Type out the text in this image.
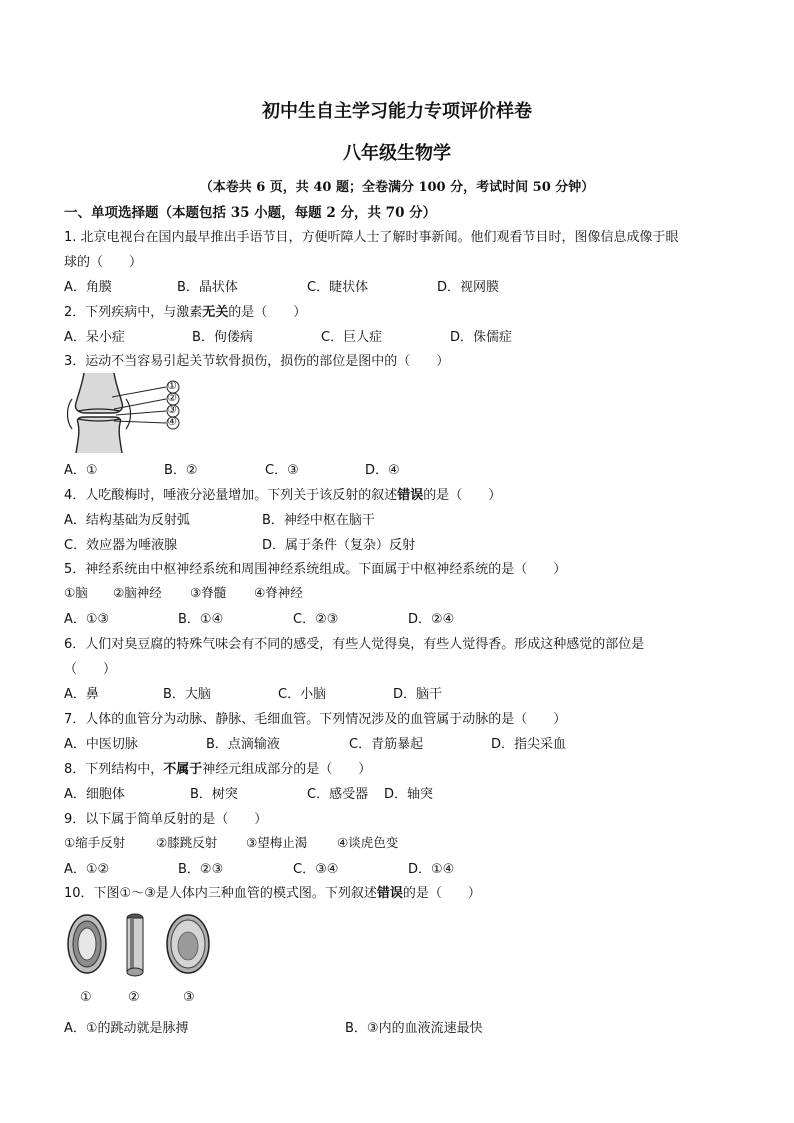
初中生自主学习能力专项评价样卷
八年级生物学
（本卷共 6 页，共 40 题；全卷满分 100 分，考试时间 50 分钟）
一、单项选择题（本题包括 35 小题，每题 2 分，共 70 分）
1. 北京电视台在国内最早推出手语节目，方便听障人士了解时事新闻。他们观看节目时，图像信息成像于眼
球的（　　）
A．角膜	B．晶状体	C．睫状体	D．视网膜
2．下列疾病中，与激素无关的是（　　）
A．呆小症	B．佝偻病	C．巨人症	D．侏儒症
3．运动不当容易引起关节软骨损伤，损伤的部位是图中的（　　）
①
②
③
④
A．①	B．②	C．③	D．④
4．人吃酸梅时，唾液分泌量增加。下列关于该反射的叙述错误的是（　　）
A．结构基础为反射弧	B．神经中枢在脑干
C．效应器为唾液腺	D．属于条件（复杂）反射
5．神经系统由中枢神经系统和周围神经系统组成。下面属于中枢神经系统的是（　　）
①脑 ②脑神经 ③脊髓 ④脊神经
A．①③	B．①④	C．②③	D．②④
6．人们对臭豆腐的特殊气味会有不同的感受，有些人觉得臭，有些人觉得香。形成这种感觉的部位是
（　　）
A．鼻	B．大脑	C．小脑	D．脑干
7．人体的血管分为动脉、静脉、毛细血管。下列情况涉及的血管属于动脉的是（　　）
A．中医切脉	B．点滴输液	C．青筋暴起	D．指尖采血
8．下列结构中，不属于神经元组成部分的是（　　）
A．细胞体	B．树突	C．感受器 D．轴突
9．以下属于简单反射的是（　　）
①缩手反射 ②膝跳反射 ③望梅止渴 ④谈虎色变
A．①②	B．②③	C．③④	D．①④
10．下图①～③是人体内三种血管的模式图。下列叙述错误的是（　　）
①	②	③
A．①的跳动就是脉搏	B．③内的血液流速最快
